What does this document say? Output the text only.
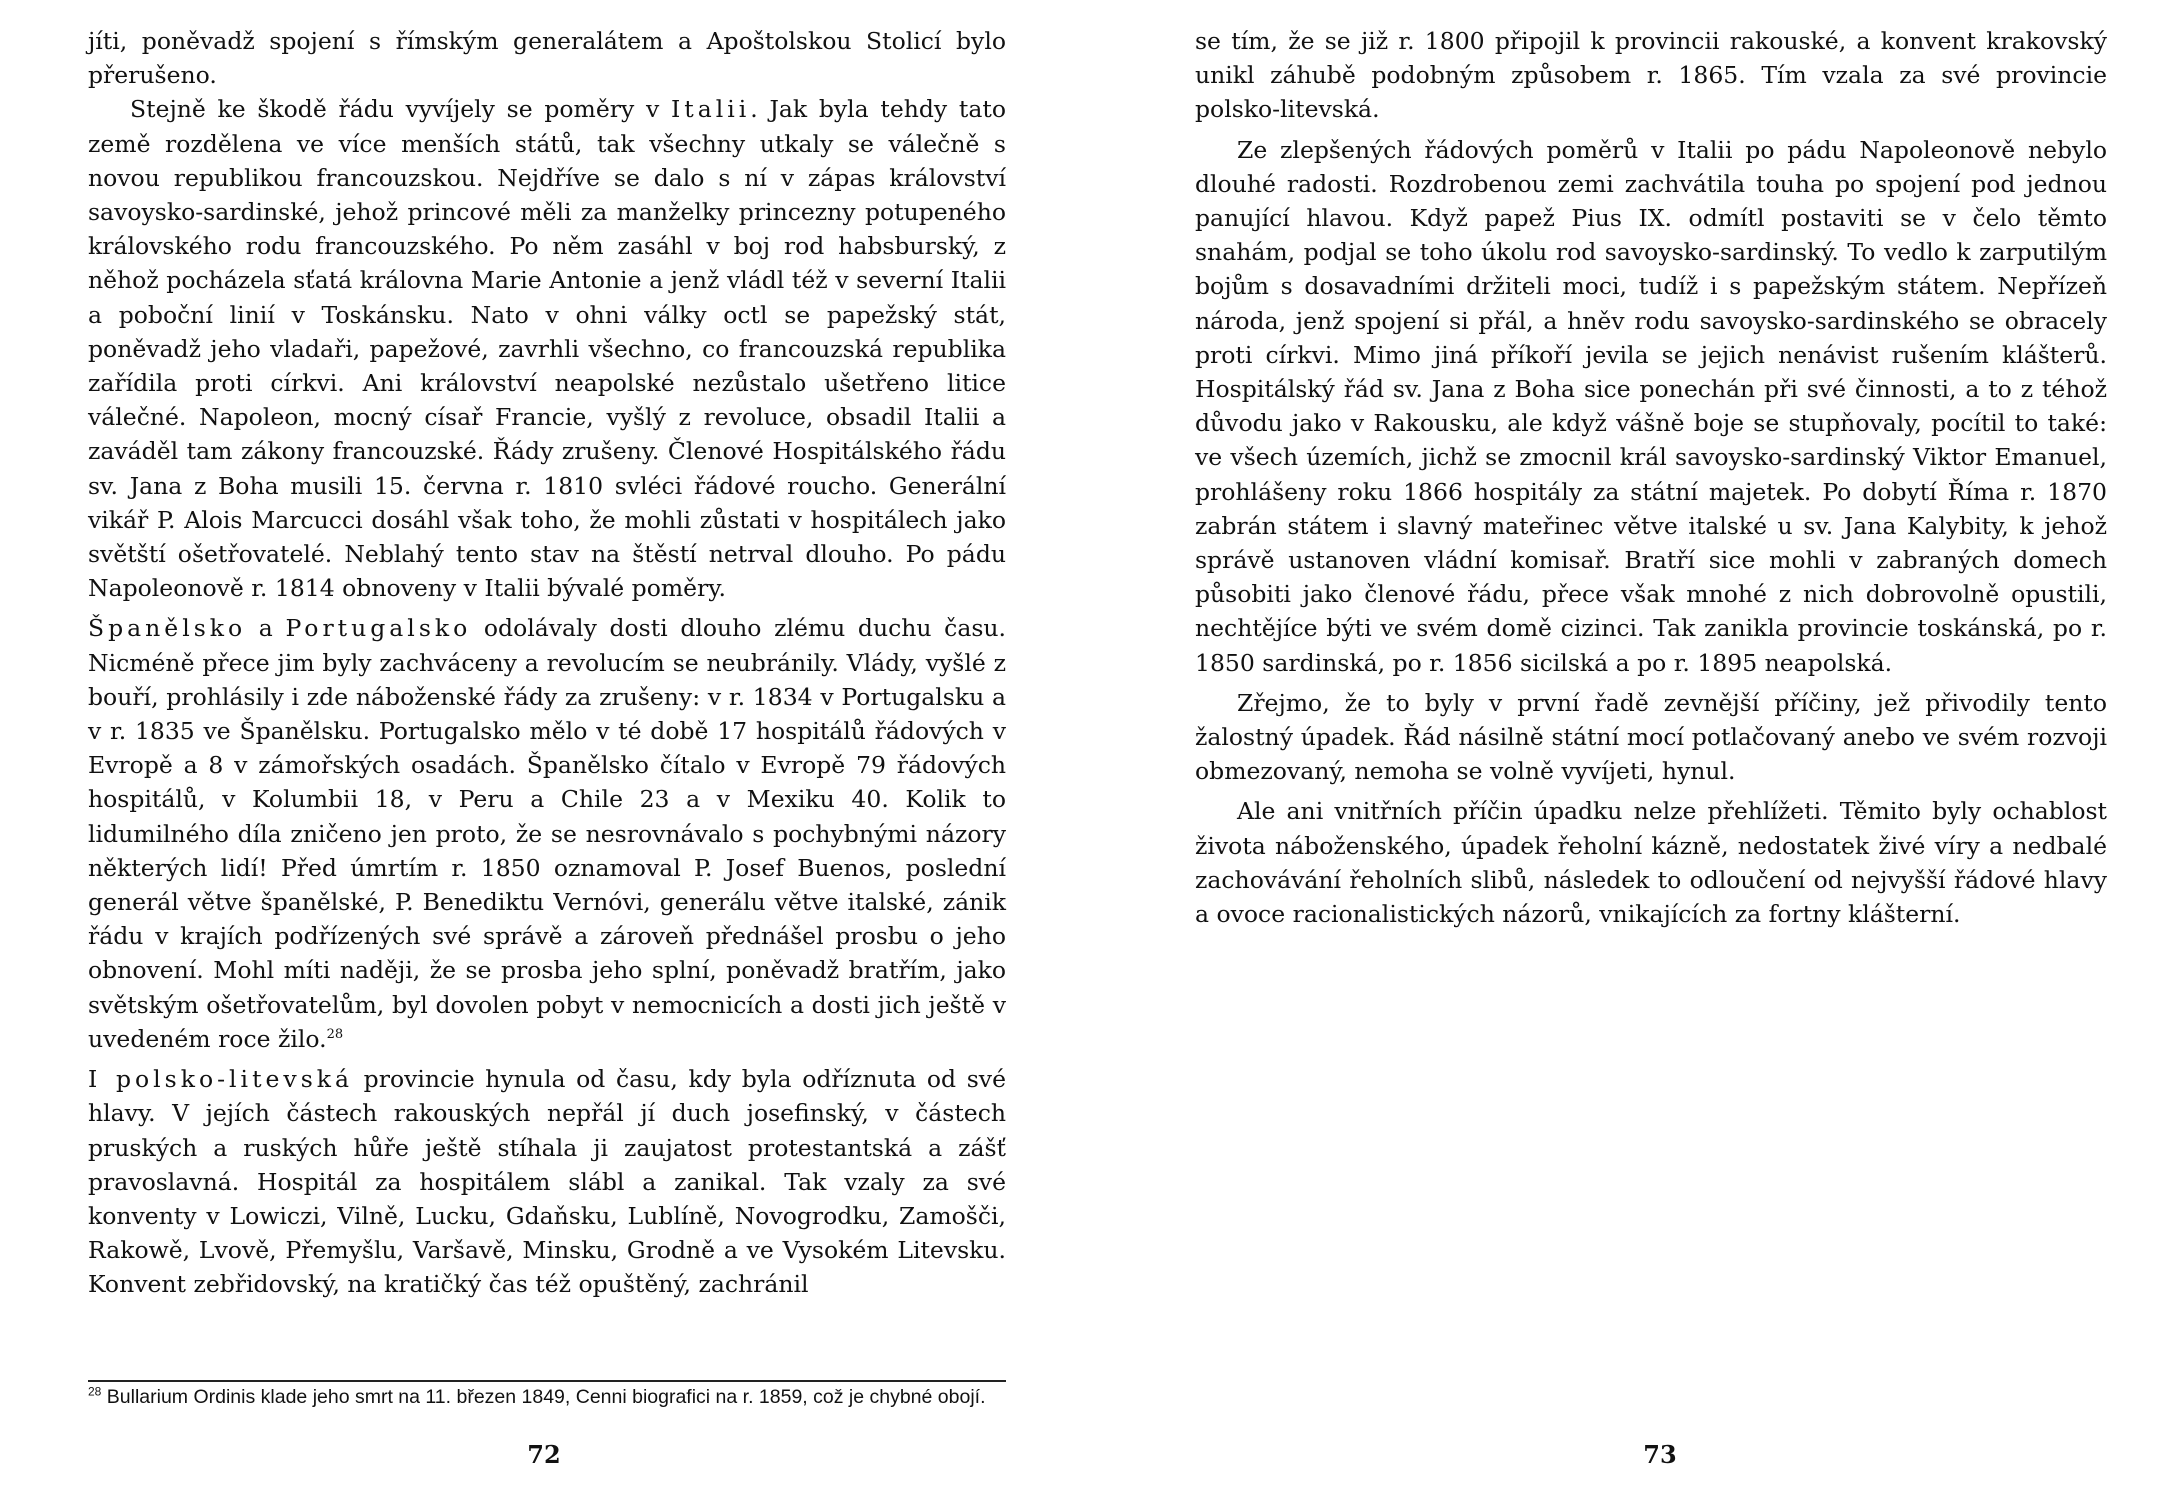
jíti, poněvadž spojení s římským generalátem a Apoštolskou Stolicí bylo přerušeno.

Stejně ke škodě řádu vyvíjely se poměry v Italii. Jak byla tehdy tato země rozdělena ve více menších států, tak všechny utkaly se válečně s novou republikou francouzskou. Nejdříve se dalo s ní v zápas království savoysko-sardinské, jehož princové měli za manželky princezny potupeného královského rodu francouzského. Po něm zasáhl v boj rod habsburský, z něhož pocházela sťatá královna Marie Antonie a jenž vládl též v severní Italii a poboční linií v Toskánsku. Nato v ohni války octl se papežský stát, poněvadž jeho vladaři, papežové, zavrhli všechno, co francouzská republika zařídila proti církvi. Ani království neapolské nezůstalo ušetřeno litice válečné. Napoleon, mocný císař Francie, vyšlý z revoluce, obsadil Italii a zaváděl tam zákony francouzské. Řády zrušeny. Členové Hospitálského řádu sv. Jana z Boha musili 15. června r. 1810 svléci řádové roucho. Generální vikář P. Alois Marcucci dosáhl však toho, že mohli zůstati v hospitálech jako světští ošetřovatelé. Neblahý tento stav na štěstí netrval dlouho. Po pádu Napoleonově r. 1814 obnoveny v Italii bývalé poměry.

Španělsko a Portugalsko odolávaly dosti dlouho zlému duchu času. Nicméně přece jim byly zachváceny a revolucím se neubránily. Vlády, vyšlé z bouří, prohlásily i zde náboženské řády za zrušeny: v r. 1834 v Portugalsku a v r. 1835 ve Španělsku. Portugalsko mělo v té době 17 hospitálů řádových v Evropě a 8 v zámořských osadách. Španělsko čítalo v Evropě 79 řádových hospitálů, v Kolumbii 18, v Peru a Chile 23 a v Mexiku 40. Kolik to lidumilného díla zničeno jen proto, že se nesrovnávalo s pochybnými názory některých lidí! Před úmrtím r. 1850 oznamoval P. Josef Buenos, poslední generál větve španělské, P. Benediktu Vernóvi, generálu větve italské, zánik řádu v krajích podřízených své správě a zároveň přednášel prosbu o jeho obnovení. Mohl míti naději, že se prosba jeho splní, poněvadž bratřím, jako světským ošetřovatelům, byl dovolen pobyt v nemocnicích a dosti jich ještě v uvedeném roce žilo.$^{28}$

I polsko-litevská provincie hynula od času, kdy byla odříznuta od své hlavy. V jejích částech rakouských nepřál jí duch josefinský, v částech pruských a ruských hůře ještě stíhala ji zaujatost protestantská a zášť pravoslavná. Hospitál za hospitálem slábl a zanikal. Tak vzaly za své konventy v Lowiczi, Vilně, Lucku, Gdaňsku, Lublíně, Novogrodku, Zamošči, Rakowě, Lvově, Přemyšlu, Varšavě, Minsku, Grodně a ve Vysokém Litevsku. Konvent zebřidovský, na kratičký čas též opuštěný, zachránil

$^{28}$ Bullarium Ordinis klade jeho smrt na 11. březen 1849, Cenni biografici na r. 1859, což je chybné obojí.
72

se tím, že se již r. 1800 připojil k provincii rakouské, a konvent krakovský unikl záhubě podobným způsobem r. 1865. Tím vzala za své provincie polsko-litevská.

Ze zlepšených řádových poměrů v Italii po pádu Napoleonově nebylo dlouhé radosti. Rozdrobenou zemi zachvátila touha po spojení pod jednou panující hlavou. Když papež Pius IX. odmítl postaviti se v čelo těmto snahám, podjal se toho úkolu rod savoysko-sardinský. To vedlo k zarputilým bojům s dosavadními držiteli moci, tudíž i s papežským státem. Nepřízeň národa, jenž spojení si přál, a hněv rodu savoysko-sardinského se obracely proti církvi. Mimo jiná příkoří jevila se jejich nenávist rušením klášterů. Hospitálský řád sv. Jana z Boha sice ponechán při své činnosti, a to z téhož důvodu jako v Rakousku, ale když vášně boje se stupňovaly, pocítil to také: ve všech územích, jichž se zmocnil král savoysko-sardinský Viktor Emanuel, prohlášeny roku 1866 hospitály za státní majetek. Po dobytí Říma r. 1870 zabrán státem i slavný mateřinec větve italské u sv. Jana Kalybity, k jehož správě ustanoven vládní komisař. Bratří sice mohli v zabraných domech působiti jako členové řádu, přece však mnohé z nich dobrovolně opustili, nechtějíce býti ve svém domě cizinci. Tak zanikla provincie toskánská, po r. 1850 sardinská, po r. 1856 sicilská a po r. 1895 neapolská.

Zřejmo, že to byly v první řadě zevnější příčiny, jež přivodily tento žalostný úpadek. Řád násilně státní mocí potlačovaný anebo ve svém rozvoji obmezovaný, nemoha se volně vyvíjeti, hynul.

Ale ani vnitřních příčin úpadku nelze přehlížeti. Těmito byly ochablost života náboženského, úpadek řeholní kázně, nedostatek živé víry a nedbalé zachovávání řeholních slibů, následek to odloučení od nejvyšší řádové hlavy a ovoce racionalistických názorů, vnikajících za fortny klášterní.

73
